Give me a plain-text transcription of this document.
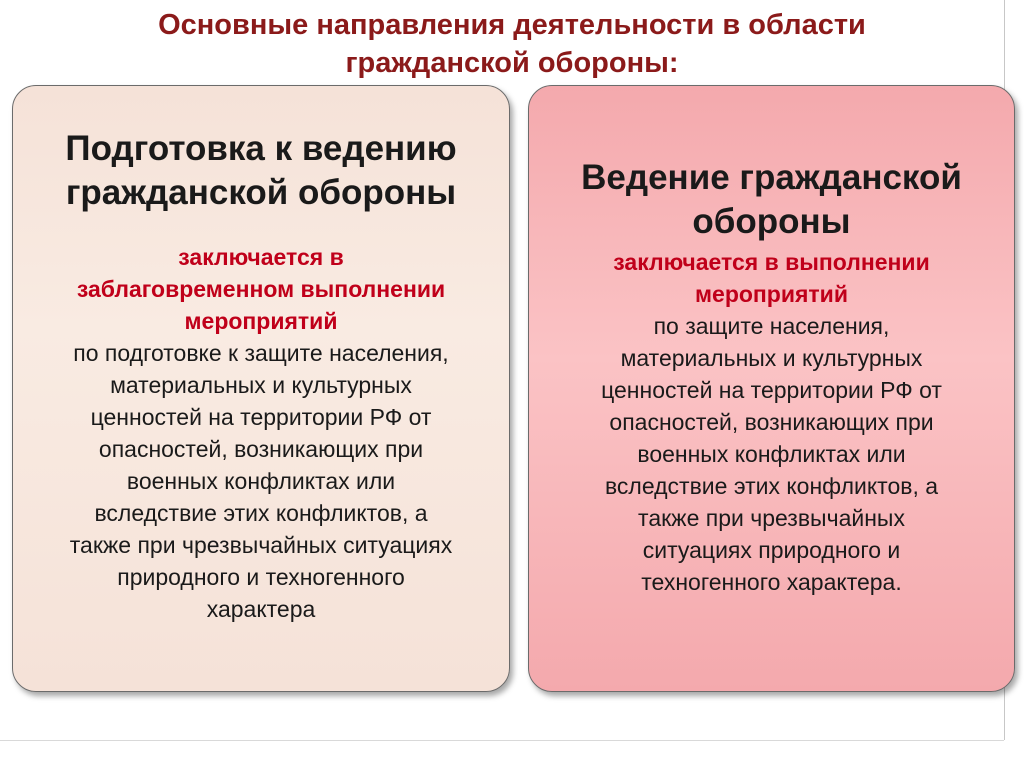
Основные направления деятельности в области
гражданской обороны:
Подготовка к ведению
гражданской обороны
заключается в
заблаговременном выполнении
мероприятий
по подготовке к защите населения,
материальных и культурных
ценностей на территории РФ от
опасностей, возникающих при
военных конфликтах или
вследствие этих конфликтов, а
также при чрезвычайных ситуациях
природного и техногенного
характера
Ведение гражданской
обороны
заключается в выполнении
мероприятий
по защите населения,
материальных и культурных
ценностей на территории РФ от
опасностей, возникающих при
военных конфликтах или
вследствие этих конфликтов, а
также при чрезвычайных
ситуациях природного и
техногенного характера.
